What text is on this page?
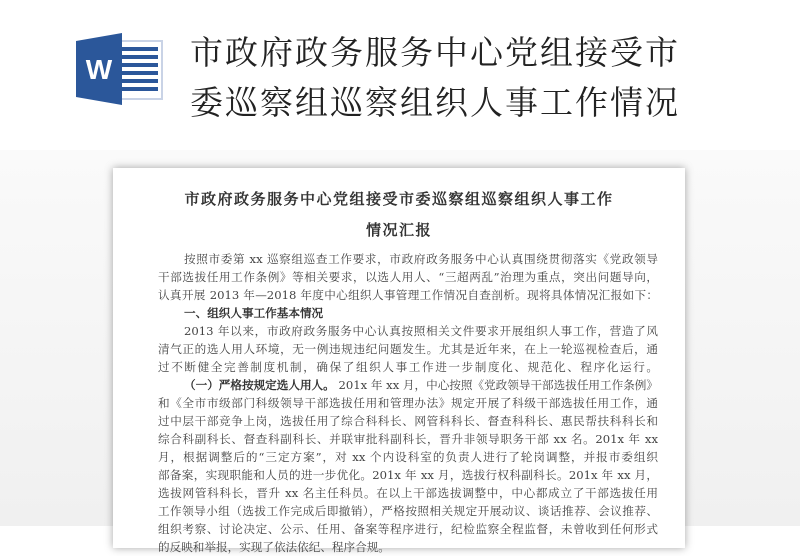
W 市政府政务服务中心党组接受市
委巡察组巡察组织人事工作情况
市政府政务服务中心党组接受市委巡察组巡察组织人事工作
情况汇报
按照市委第 xx 巡察组巡查工作要求，市政府政务服务中心认真围绕贯彻落实《党政领导
干部选拔任用工作条例》等相关要求，以选人用人、“三超两乱”治理为重点，突出问题导向，
认真开展 2013 年—2018 年度中心组织人事管理工作情况自查剖析。现将具体情况汇报如下：
一、组织人事工作基本情况
2013 年以来，市政府政务服务中心认真按照相关文件要求开展组织人事工作，营造了风
清气正的选人用人环境，无一例违规违纪问题发生。尤其是近年来，在上一轮巡视检查后，通
过不断健全完善制度机制，确保了组织人事工作进一步制度化、规范化、程序化运行。
（一）严格按规定选人用人。 201x 年 xx 月，中心按照《党政领导干部选拔任用工作条例》
和《全市市级部门科级领导干部选拔任用和管理办法》规定开展了科级干部选拔任用工作，通
过中层干部竞争上岗，选拔任用了综合科科长、网管科科长、督查科科长、惠民帮扶科科长和
综合科副科长、督查科副科长、并联审批科副科长，晋升非领导职务干部 xx 名。201x 年 xx
月，根据调整后的“三定方案”，对 xx 个内设科室的负责人进行了轮岗调整，并报市委组织
部备案，实现职能和人员的进一步优化。201x 年 xx 月，选拔行权科副科长。201x 年 xx 月，
选拔网管科科长，晋升 xx 名主任科员。在以上干部选拔调整中，中心都成立了干部选拔任用
工作领导小组（选拔工作完成后即撤销），严格按照相关规定开展动议、谈话推荐、会议推荐、
组织考察、讨论决定、公示、任用、备案等程序进行，纪检监察全程监督，未曾收到任何形式
的反映和举报，实现了依法依纪、程序合规。
